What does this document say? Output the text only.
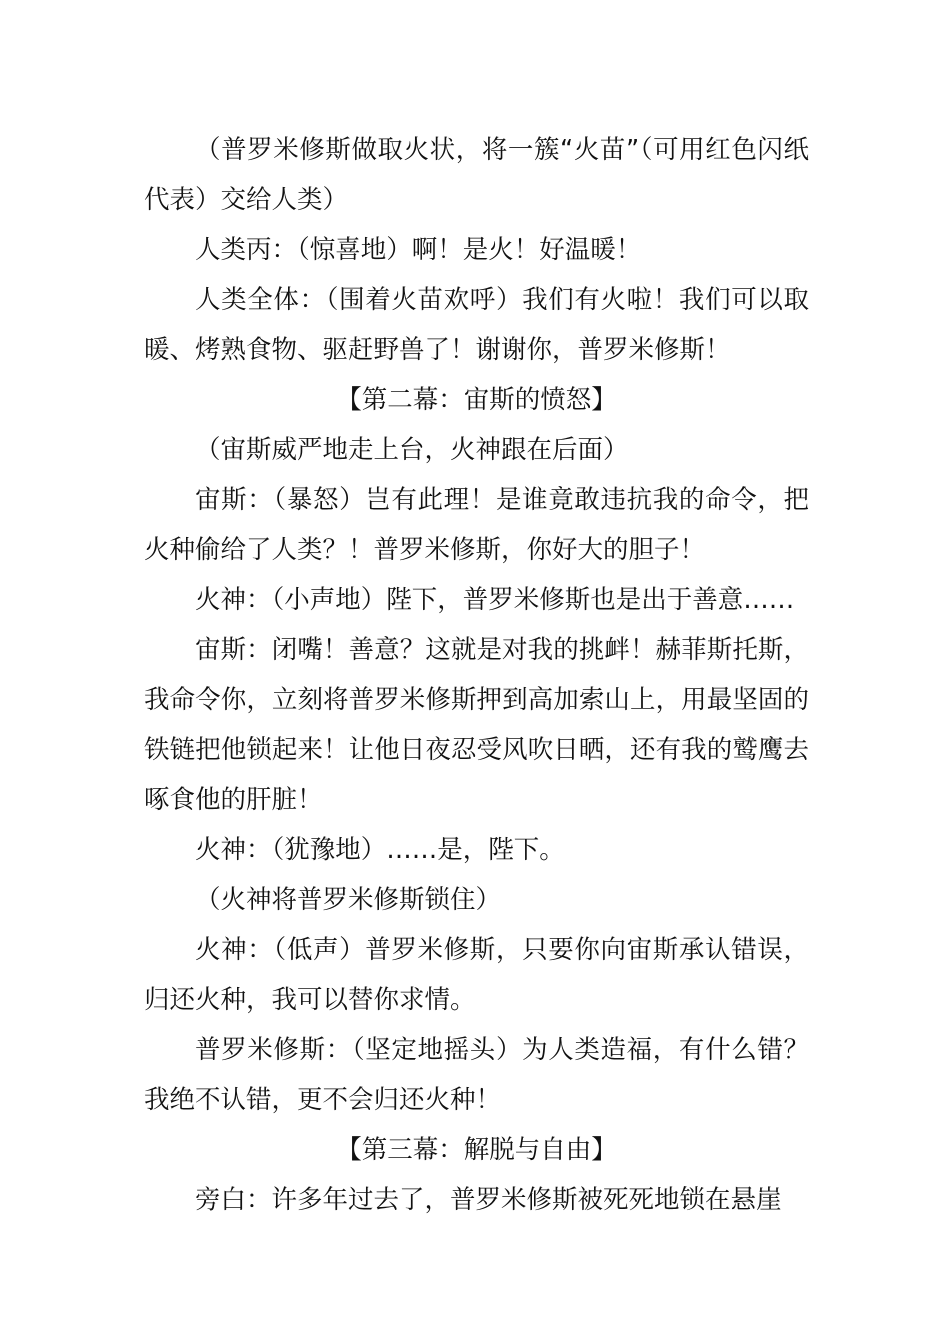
（普罗米修斯做取火状，将一簇“火苗”（可用红色闪纸代表）交给人类）

人类丙：（惊喜地）啊！是火！好温暖！

人类全体：（围着火苗欢呼）我们有火啦！我们可以取暖、烤熟食物、驱赶野兽了！谢谢你，普罗米修斯！

【第二幕：宙斯的愤怒】

（宙斯威严地走上台，火神跟在后面）

宙斯：（暴怒）岂有此理！是谁竟敢违抗我的命令，把火种偷给了人类？！普罗米修斯，你好大的胆子！

火神：（小声地）陛下，普罗米修斯也是出于善意……

宙斯：闭嘴！善意？这就是对我的挑衅！赫菲斯托斯，我命令你，立刻将普罗米修斯押到高加索山上，用最坚固的铁链把他锁起来！让他日夜忍受风吹日晒，还有我的鹫鹰去啄食他的肝脏！

火神：（犹豫地）……是，陛下。

（火神将普罗米修斯锁住）

火神：（低声）普罗米修斯，只要你向宙斯承认错误，归还火种，我可以替你求情。

普罗米修斯：（坚定地摇头）为人类造福，有什么错？我绝不认错，更不会归还火种！

【第三幕：解脱与自由】

旁白：许多年过去了，普罗米修斯被死死地锁在悬崖
